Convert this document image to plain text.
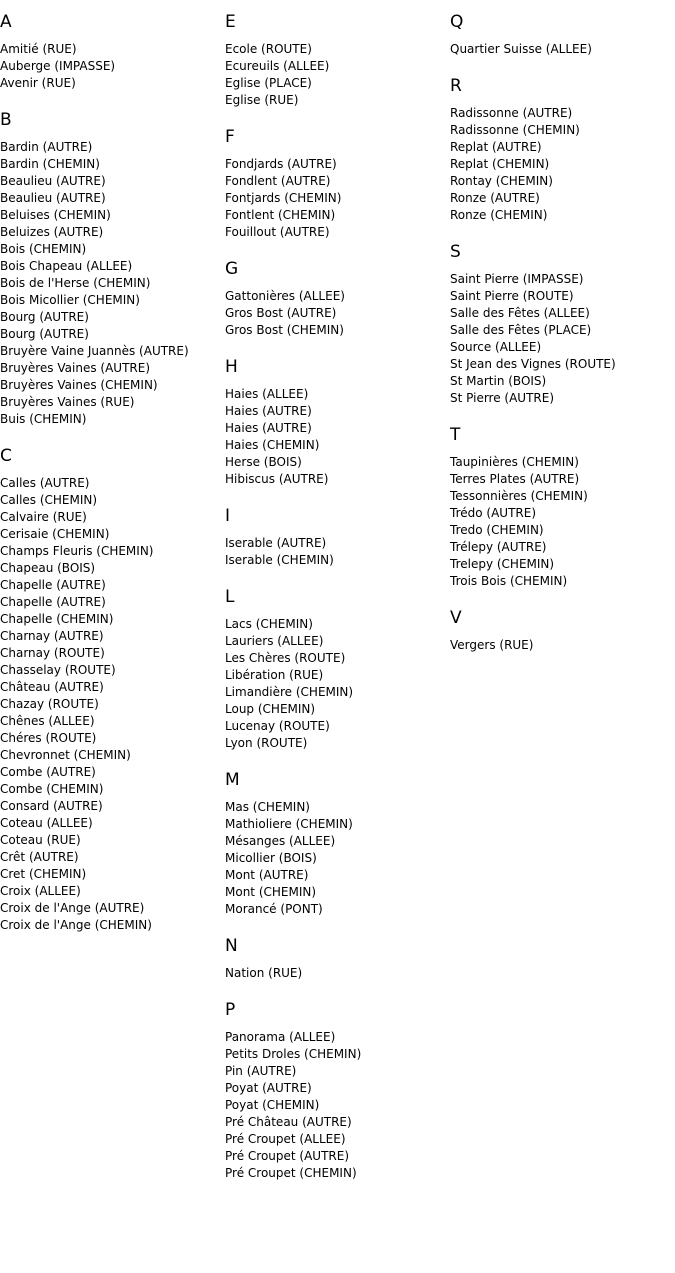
A
Amitié (RUE)
Auberge (IMPASSE)
Avenir (RUE)
B
Bardin (AUTRE)
Bardin (CHEMIN)
Beaulieu (AUTRE)
Beaulieu (AUTRE)
Beluises (CHEMIN)
Beluizes (AUTRE)
Bois (CHEMIN)
Bois Chapeau (ALLEE)
Bois de l'Herse (CHEMIN)
Bois Micollier (CHEMIN)
Bourg (AUTRE)
Bourg (AUTRE)
Bruyère Vaine Juannès (AUTRE)
Bruyères Vaines (AUTRE)
Bruyères Vaines (CHEMIN)
Bruyères Vaines (RUE)
Buis (CHEMIN)
C
Calles (AUTRE)
Calles (CHEMIN)
Calvaire (RUE)
Cerisaie (CHEMIN)
Champs Fleuris (CHEMIN)
Chapeau (BOIS)
Chapelle (AUTRE)
Chapelle (AUTRE)
Chapelle (CHEMIN)
Charnay (AUTRE)
Charnay (ROUTE)
Chasselay (ROUTE)
Château (AUTRE)
Chazay (ROUTE)
Chênes (ALLEE)
Chéres (ROUTE)
Chevronnet (CHEMIN)
Combe (AUTRE)
Combe (CHEMIN)
Consard (AUTRE)
Coteau (ALLEE)
Coteau (RUE)
Crêt (AUTRE)
Cret (CHEMIN)
Croix (ALLEE)
Croix de l'Ange (AUTRE)
Croix de l'Ange (CHEMIN)
E
Ecole (ROUTE)
Ecureuils (ALLEE)
Eglise (PLACE)
Eglise (RUE)
F
Fondjards (AUTRE)
Fondlent (AUTRE)
Fontjards (CHEMIN)
Fontlent (CHEMIN)
Fouillout (AUTRE)
G
Gattonières (ALLEE)
Gros Bost (AUTRE)
Gros Bost (CHEMIN)
H
Haies (ALLEE)
Haies (AUTRE)
Haies (AUTRE)
Haies (CHEMIN)
Herse (BOIS)
Hibiscus (AUTRE)
I
Iserable (AUTRE)
Iserable (CHEMIN)
L
Lacs (CHEMIN)
Lauriers (ALLEE)
Les Chères (ROUTE)
Libération (RUE)
Limandière (CHEMIN)
Loup (CHEMIN)
Lucenay (ROUTE)
Lyon (ROUTE)
M
Mas (CHEMIN)
Mathioliere (CHEMIN)
Mésanges (ALLEE)
Micollier (BOIS)
Mont (AUTRE)
Mont (CHEMIN)
Morancé (PONT)
N
Nation (RUE)
P
Panorama (ALLEE)
Petits Droles (CHEMIN)
Pin (AUTRE)
Poyat (AUTRE)
Poyat (CHEMIN)
Pré Château (AUTRE)
Pré Croupet (ALLEE)
Pré Croupet (AUTRE)
Pré Croupet (CHEMIN)
Q
Quartier Suisse (ALLEE)
R
Radissonne (AUTRE)
Radissonne (CHEMIN)
Replat (AUTRE)
Replat (CHEMIN)
Rontay (CHEMIN)
Ronze (AUTRE)
Ronze (CHEMIN)
S
Saint Pierre (IMPASSE)
Saint Pierre (ROUTE)
Salle des Fêtes (ALLEE)
Salle des Fêtes (PLACE)
Source (ALLEE)
St Jean des Vignes (ROUTE)
St Martin (BOIS)
St Pierre (AUTRE)
T
Taupinières (CHEMIN)
Terres Plates (AUTRE)
Tessonnières (CHEMIN)
Trédo (AUTRE)
Tredo (CHEMIN)
Trélepy (AUTRE)
Trelepy (CHEMIN)
Trois Bois (CHEMIN)
V
Vergers (RUE)
